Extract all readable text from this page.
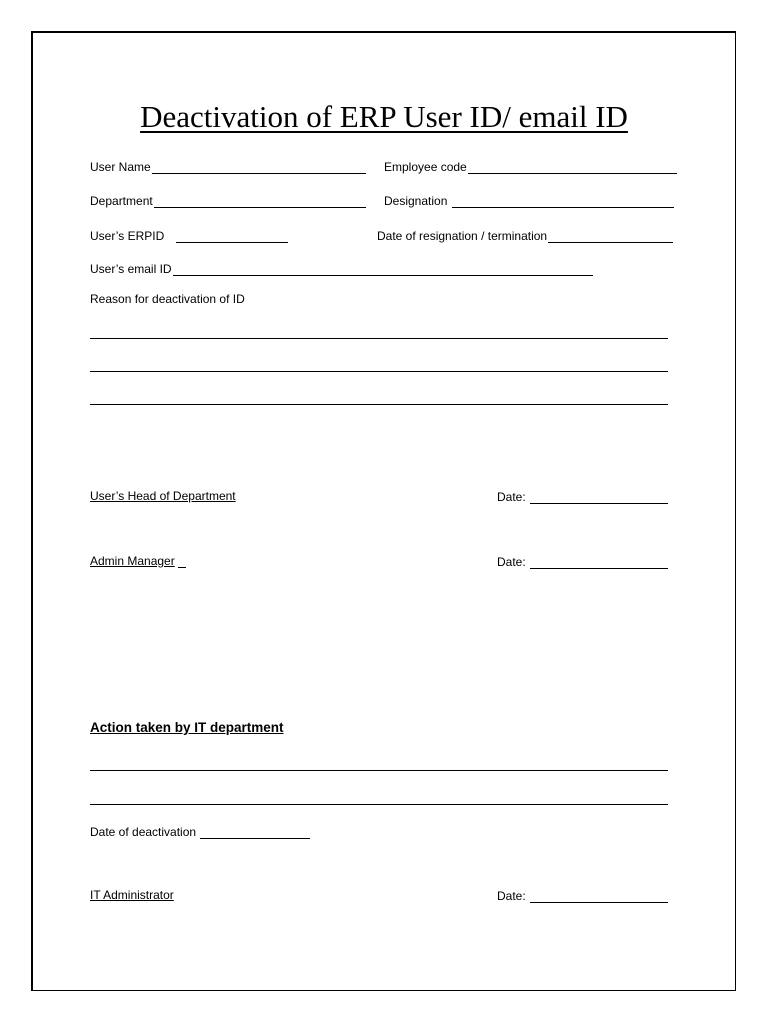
Deactivation of ERP User ID/ email ID
User Name	Employee code
Department	Designation
User’s ERPID	Date of resignation / termination
User’s email ID
Reason for deactivation of ID
User’s Head of Department	Date:
Admin Manager	Date:
Action taken by IT department
Date of deactivation
IT Administrator	Date:
